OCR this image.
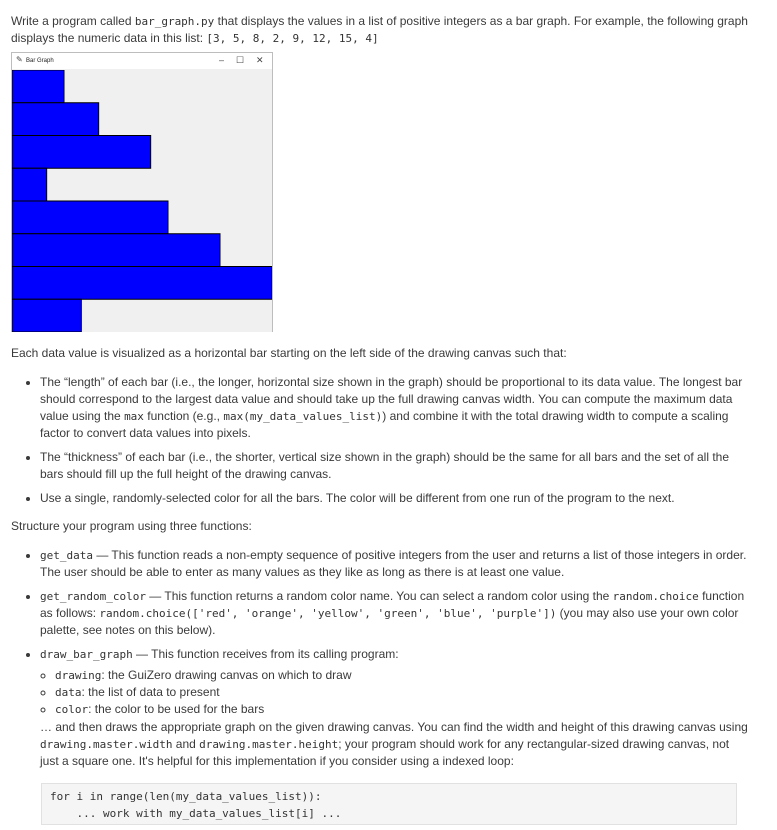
Write a program called bar_graph.py that displays the values in a list of positive integers as a bar graph. For example, the following graph displays the numeric data in this list: [3, 5, 8, 2, 9, 12, 15, 4]

✎ Bar Graph	– ☐ ✕

Each data value is visualized as a horizontal bar starting on the left side of the drawing canvas such that:

• The “length” of each bar (i.e., the longer, horizontal size shown in the graph) should be proportional to its data value. The longest bar should correspond to the largest data value and should take up the full drawing canvas width. You can compute the maximum data value using the max function (e.g., max(my_data_values_list)) and combine it with the total drawing width to compute a scaling factor to convert data values into pixels.
• The “thickness” of each bar (i.e., the shorter, vertical size shown in the graph) should be the same for all bars and the set of all the bars should fill up the full height of the drawing canvas.
• Use a single, randomly-selected color for all the bars. The color will be different from one run of the program to the next.

Structure your program using three functions:

• get_data — This function reads a non-empty sequence of positive integers from the user and returns a list of those integers in order. The user should be able to enter as many values as they like as long as there is at least one value.
• get_random_color — This function returns a random color name. You can select a random color using the random.choice function as follows: random.choice(['red', 'orange', 'yellow', 'green', 'blue', 'purple']) (you may also use your own color palette, see notes on this below).
• draw_bar_graph — This function receives from its calling program:
◦ drawing: the GuiZero drawing canvas on which to draw
◦ data: the list of data to present
◦ color: the color to be used for the bars
… and then draws the appropriate graph on the given drawing canvas. You can find the width and height of this drawing canvas using drawing.master.width and drawing.master.height; your program should work for any rectangular-sized drawing canvas, not just a square one. It's helpful for this implementation if you consider using a indexed loop:
for i in range(len(my_data_values_list)):
... work with my_data_values_list[i] ...
